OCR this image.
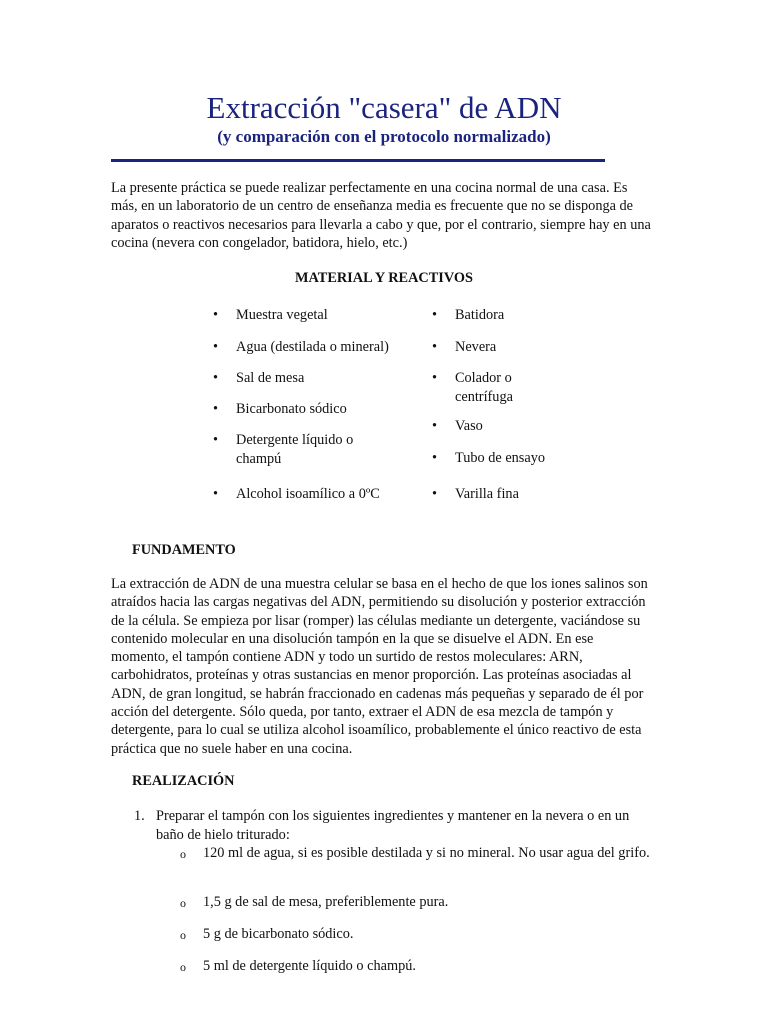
Extracción "casera" de ADN
(y comparación con el protocolo normalizado)

La presente práctica se puede realizar perfectamente en una cocina normal de una casa. Es más, en un laboratorio de un centro de enseñanza media es frecuente que no se disponga de aparatos o reactivos necesarios para llevarla a cabo y que, por el contrario, siempre hay en una cocina (nevera con congelador, batidora, hielo, etc.)

MATERIAL Y REACTIVOS
• Muestra vegetal
• Agua (destilada o mineral)
• Sal de mesa
• Bicarbonato sódico
• Detergente líquido o champú
• Alcohol isoamílico a 0ºC
• Batidora
• Nevera
• Colador o centrífuga
• Vaso
• Tubo de ensayo
• Varilla fina
FUNDAMENTO

La extracción de ADN de una muestra celular se basa en el hecho de que los iones salinos son atraídos hacia las cargas negativas del ADN, permitiendo su disolución y posterior extracción de la célula. Se empieza por lisar (romper) las células mediante un detergente, vaciándose su contenido molecular en una disolución tampón en la que se disuelve el ADN. En ese momento, el tampón contiene ADN y todo un surtido de restos moleculares: ARN, carbohidratos, proteínas y otras sustancias en menor proporción. Las proteínas asociadas al ADN, de gran longitud, se habrán fraccionado en cadenas más pequeñas y separado de él por acción del detergente. Sólo queda, por tanto, extraer el ADN de esa mezcla de tampón y detergente, para lo cual se utiliza alcohol isoamílico, probablemente el único reactivo de esta práctica que no suele haber en una cocina.

REALIZACIÓN
1. Preparar el tampón con los siguientes ingredientes y mantener en la nevera o en un baño de hielo triturado:
o 120 ml de agua, si es posible destilada y si no mineral. No usar agua del grifo.
o 1,5 g de sal de mesa, preferiblemente pura.
o 5 g de bicarbonato sódico.
o 5 ml de detergente líquido o champú.
